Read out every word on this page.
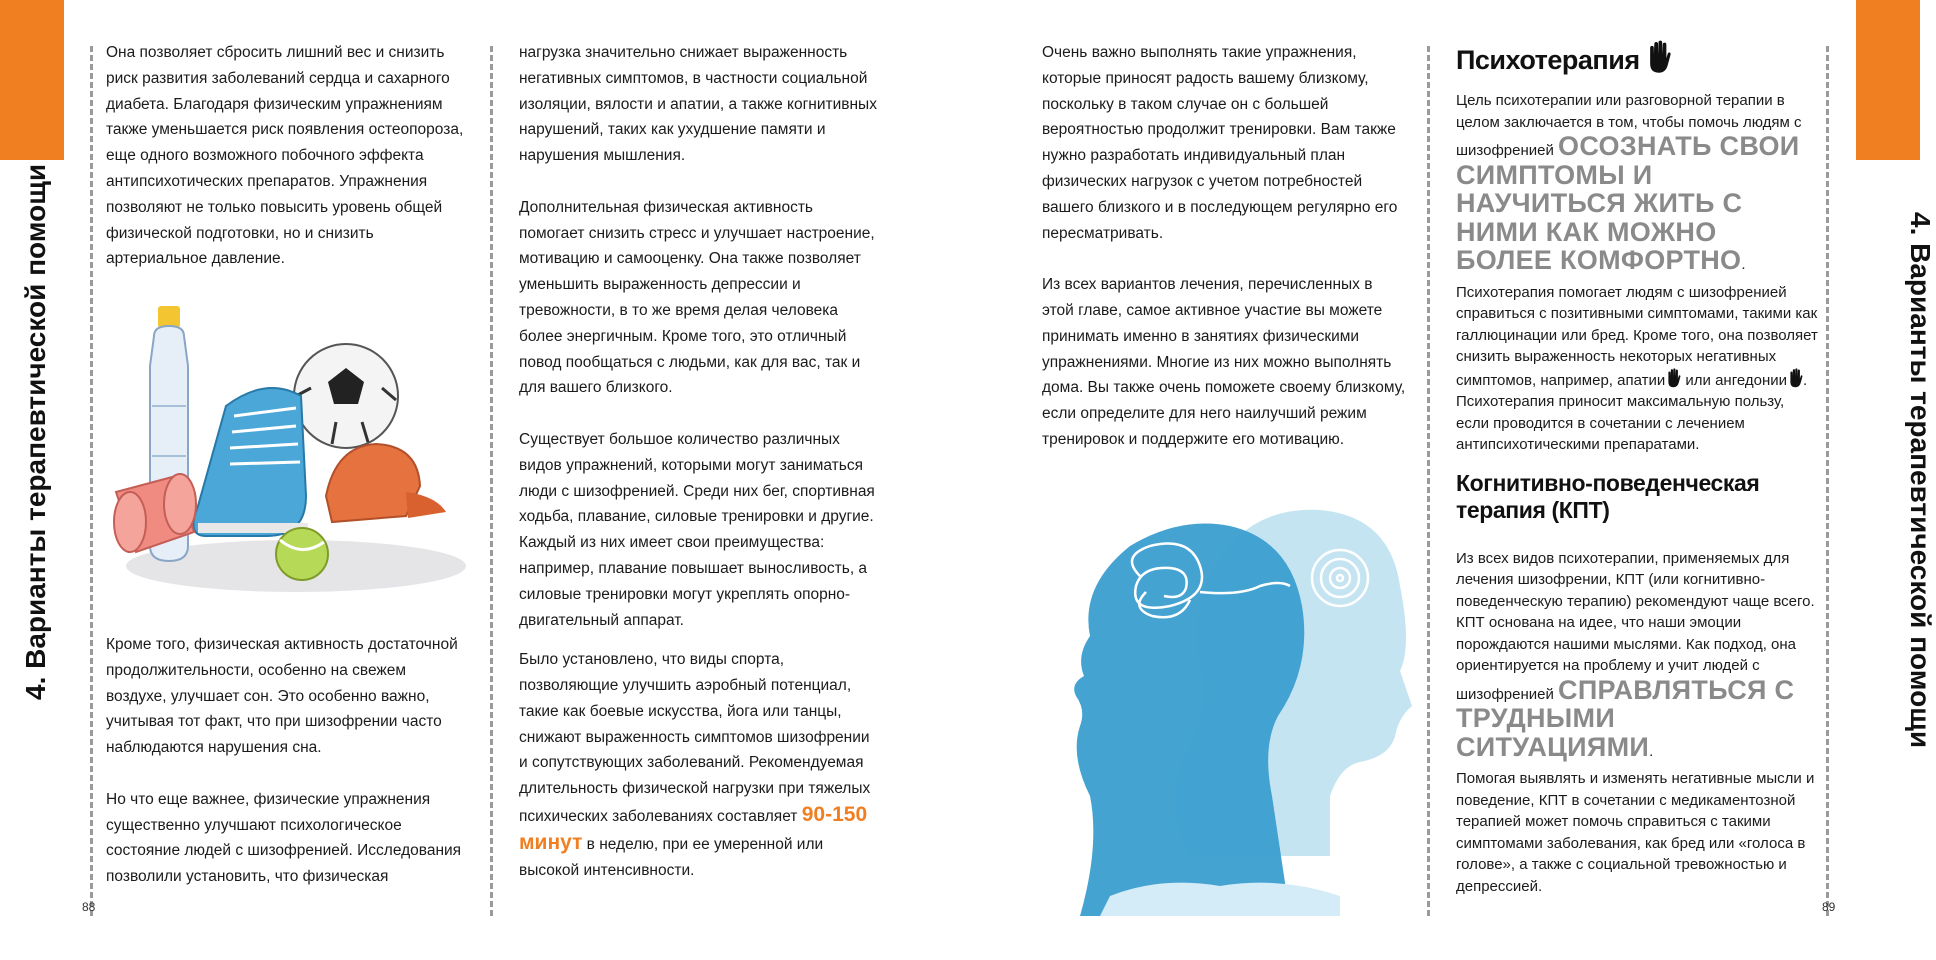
4. Варианты терапевтической помощи	4. Варианты терапевтической помощи

Она позволяет сбросить лишний вес и снизить риск развития заболеваний сердца и сахарного диабета. Благодаря физическим упражнениям также уменьшается риск появления остеопороза, еще одного возможного побочного эффекта антипсихотических препаратов. Упражнения позволяют не только повысить уровень общей физической подготовки, но и снизить артериальное давление.

Кроме того, физическая активность достаточной продолжительности, особенно на свежем воздухе, улучшает сон. Это особенно важно, учитывая тот факт, что при шизофрении часто наблюдаются нарушения сна.

Но что еще важнее, физические упражнения существенно улучшают психологическое состояние людей с шизофренией. Исследования позволили установить, что физическая

нагрузка значительно снижает выраженность негативных симптомов, в частности социальной изоляции, вялости и апатии, а также когнитивных нарушений, таких как ухудшение памяти и нарушения мышления.

Дополнительная физическая активность помогает снизить стресс и улучшает настроение, мотивацию и самооценку. Она также позволяет уменьшить выраженность депрессии и тревожности, в то же время делая человека более энергичным. Кроме того, это отличный повод пообщаться с людьми, как для вас, так и для вашего близкого.

Существует большое количество различных видов упражнений, которыми могут заниматься люди с шизофренией. Среди них бег, спортивная ходьба, плавание, силовые тренировки и другие. Каждый из них имеет свои преимущества: например, плавание повышает выносливость, а силовые тренировки могут укреплять опорно-двигательный аппарат.

Было установлено, что виды спорта, позволяющие улучшить аэробный потенциал, такие как боевые искусства, йога или танцы, снижают выраженность симптомов шизофрении и сопутствующих заболеваний. Рекомендуемая длительность физической нагрузки при тяжелых психических заболеваниях составляет 90-150 минут в неделю, при ее умеренной или высокой интенсивности.

Очень важно выполнять такие упражнения, которые приносят радость вашему близкому, поскольку в таком случае он с большей вероятностью продолжит тренировки. Вам также нужно разработать индивидуальный план физических нагрузок с учетом потребностей вашего близкого и в последующем регулярно его пересматривать.

Из всех вариантов лечения, перечисленных в этой главе, самое активное участие вы можете принимать именно в занятиях физическими упражнениями. Многие из них можно выполнять дома. Вы также очень поможете своему близкому, если определите для него наилучший режим тренировок и поддержите его мотивацию.

Психотерапия

Цель психотерапии или разговорной терапии в целом заключается в том, чтобы помочь людям с шизофренией ОСОЗНАТЬ СВОИ СИМПТОМЫ И НАУЧИТЬСЯ ЖИТЬ С НИМИ КАК МОЖНО БОЛЕЕ КОМФОРТНО.

Психотерапия помогает людям с шизофренией справиться с позитивными симптомами, такими как галлюцинации или бред. Кроме того, она позволяет снизить выраженность некоторых негативных симптомов, например, апатии или ангедонии . Психотерапия приносит максимальную пользу, если проводится в сочетании с лечением антипсихотическими препаратами.

Когнитивно-поведенческая терапия (КПТ)

Из всех видов психотерапии, применяемых для лечения шизофрении, КПТ (или когнитивно-поведенческую терапию) рекомендуют чаще всего. КПТ основана на идее, что наши эмоции порождаются нашими мыслями. Как подход, она ориентируется на проблему и учит людей с шизофренией СПРАВЛЯТЬСЯ С ТРУДНЫМИ СИТУАЦИЯМИ.

Помогая выявлять и изменять негативные мысли и поведение, КПТ в сочетании с медикаментозной терапией может помочь справиться с такими симптомами заболевания, как бред или «голоса в голове», а также с социальной тревожностью и депрессией.

88	89
